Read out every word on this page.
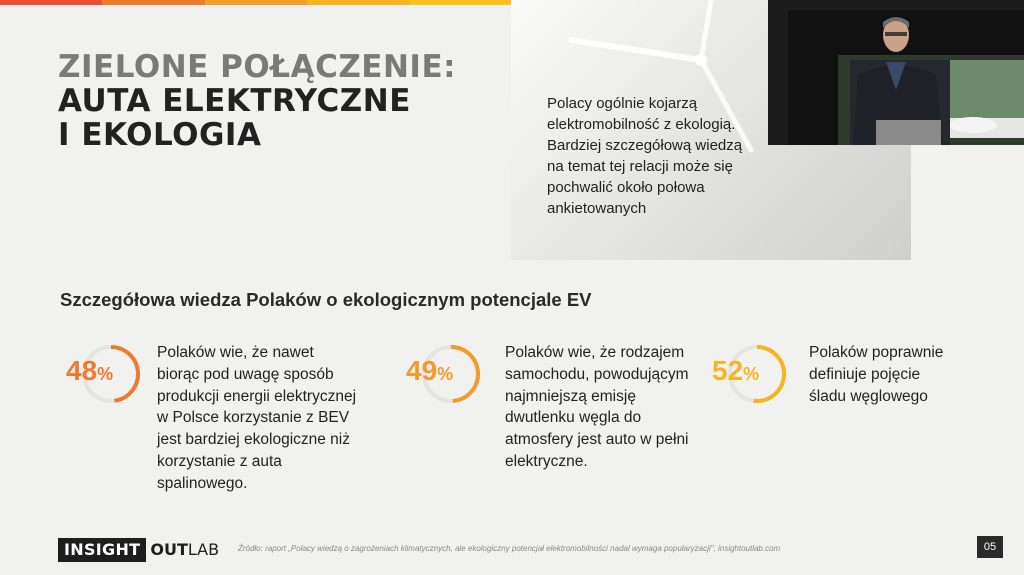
ZIELONE POŁĄCZENIE:
AUTA ELEKTRYCZNE
I EKOLOGIA
Polacy ogólnie kojarzą elektromobilność z ekologią. Bardziej szczegółową wiedzą na temat tej relacji może się pochwalić około połowa ankietowanych
Szczegółowa wiedza Polaków o ekologicznym potencjale EV
48%
Polaków wie, że nawet biorąc pod uwagę sposób produkcji energii elektrycznej w Polsce korzystanie z BEV jest bardziej ekologiczne niż korzystanie z auta spalinowego.
49%
Polaków wie, że rodzajem samochodu, powodującym najmniejszą emisję dwutlenku węgla do atmosfery jest auto w pełni elektryczne.
52%
Polaków poprawnie definiuje pojęcie śladu węglowego
INSIGHT OUTLAB	Źródło: raport „Polacy wiedzą o zagrożeniach klimatycznych, ale ekologiczny potencjał elektromobilności nadal wymaga popularyzacji", insightoutlab.com	05
